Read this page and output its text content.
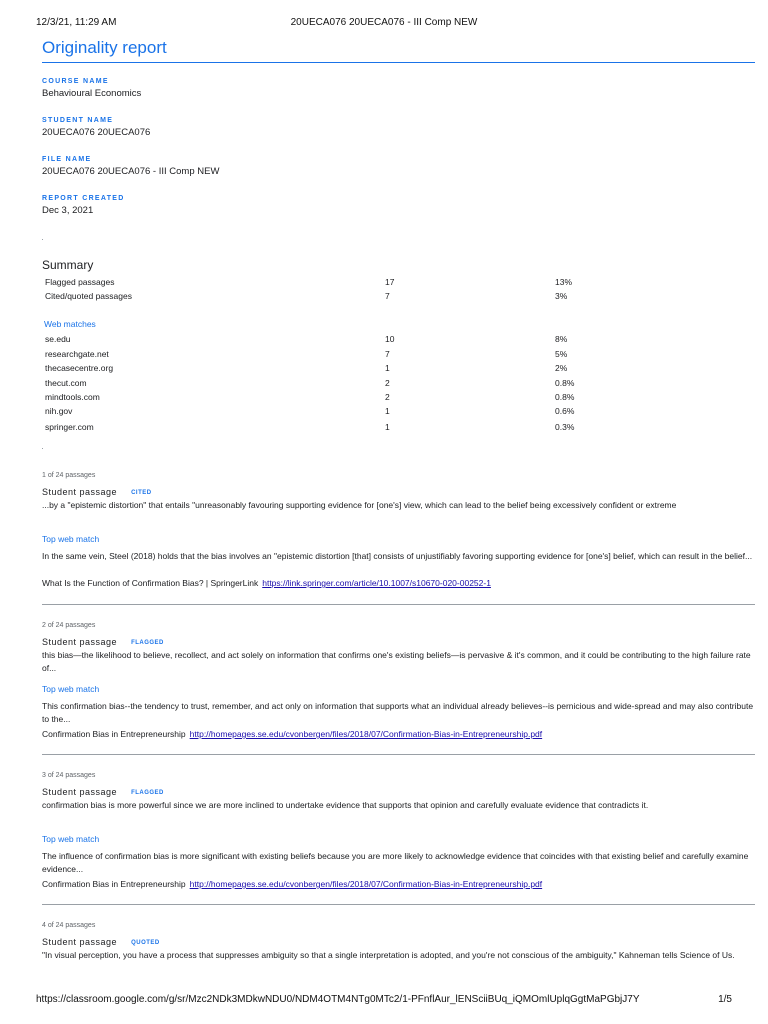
12/3/21, 11:29 AM	20UECA076 20UECA076 - III Comp NEW
Originality report
COURSE NAME
Behavioural Economics
STUDENT NAME
20UECA076 20UECA076
FILE NAME
20UECA076 20UECA076 - III Comp NEW
REPORT CREATED
Dec 3, 2021
Summary
Flagged passages	17	13%
Cited/quoted passages	7	3%
Web matches
se.edu	10	8%
researchgate.net	7	5%
thecasecentre.org	1	2%
thecut.com	2	0.8%
mindtools.com	2	0.8%
nih.gov	1	0.6%
springer.com	1	0.3%
1 of 24 passages
Student passage CITED
...by a "epistemic distortion" that entails "unreasonably favouring supporting evidence for [one's] view, which can lead to the belief being excessively confident or extreme
Top web match
In the same vein, Steel (2018) holds that the bias involves an "epistemic distortion [that] consists of unjustifiably favoring supporting evidence for [one's] belief, which can result in the belief...
What Is the Function of Confirmation Bias? | SpringerLink https://link.springer.com/article/10.1007/s10670-020-00252-1
2 of 24 passages
Student passage FLAGGED
this bias—the likelihood to believe, recollect, and act solely on information that confirms one's existing beliefs—is pervasive & it's common, and it could be contributing to the high failure rate of...
Top web match
This confirmation bias--the tendency to trust, remember, and act only on information that supports what an individual already believes--is pernicious and wide-spread and may also contribute to the...
Confirmation Bias in Entrepreneurship http://homepages.se.edu/cvonbergen/files/2018/07/Confirmation-Bias-in-Entrepreneurship.pdf
3 of 24 passages
Student passage FLAGGED
confirmation bias is more powerful since we are more inclined to undertake evidence that supports that opinion and carefully evaluate evidence that contradicts it.
Top web match
The influence of confirmation bias is more significant with existing beliefs because you are more likely to acknowledge evidence that coincides with that existing belief and carefully examine evidence...
Confirmation Bias in Entrepreneurship http://homepages.se.edu/cvonbergen/files/2018/07/Confirmation-Bias-in-Entrepreneurship.pdf
4 of 24 passages
Student passage QUOTED
"In visual perception, you have a process that suppresses ambiguity so that a single interpretation is adopted, and you're not conscious of the ambiguity," Kahneman tells Science of Us.
https://classroom.google.com/g/sr/Mzc2NDk3MDkwNDU0/NDM4OTM4NTg0MTc2/1-PFnflAur_lENSciiBUq_iQMOmlUplqGgtMaPGbjJ7Y	1/5
